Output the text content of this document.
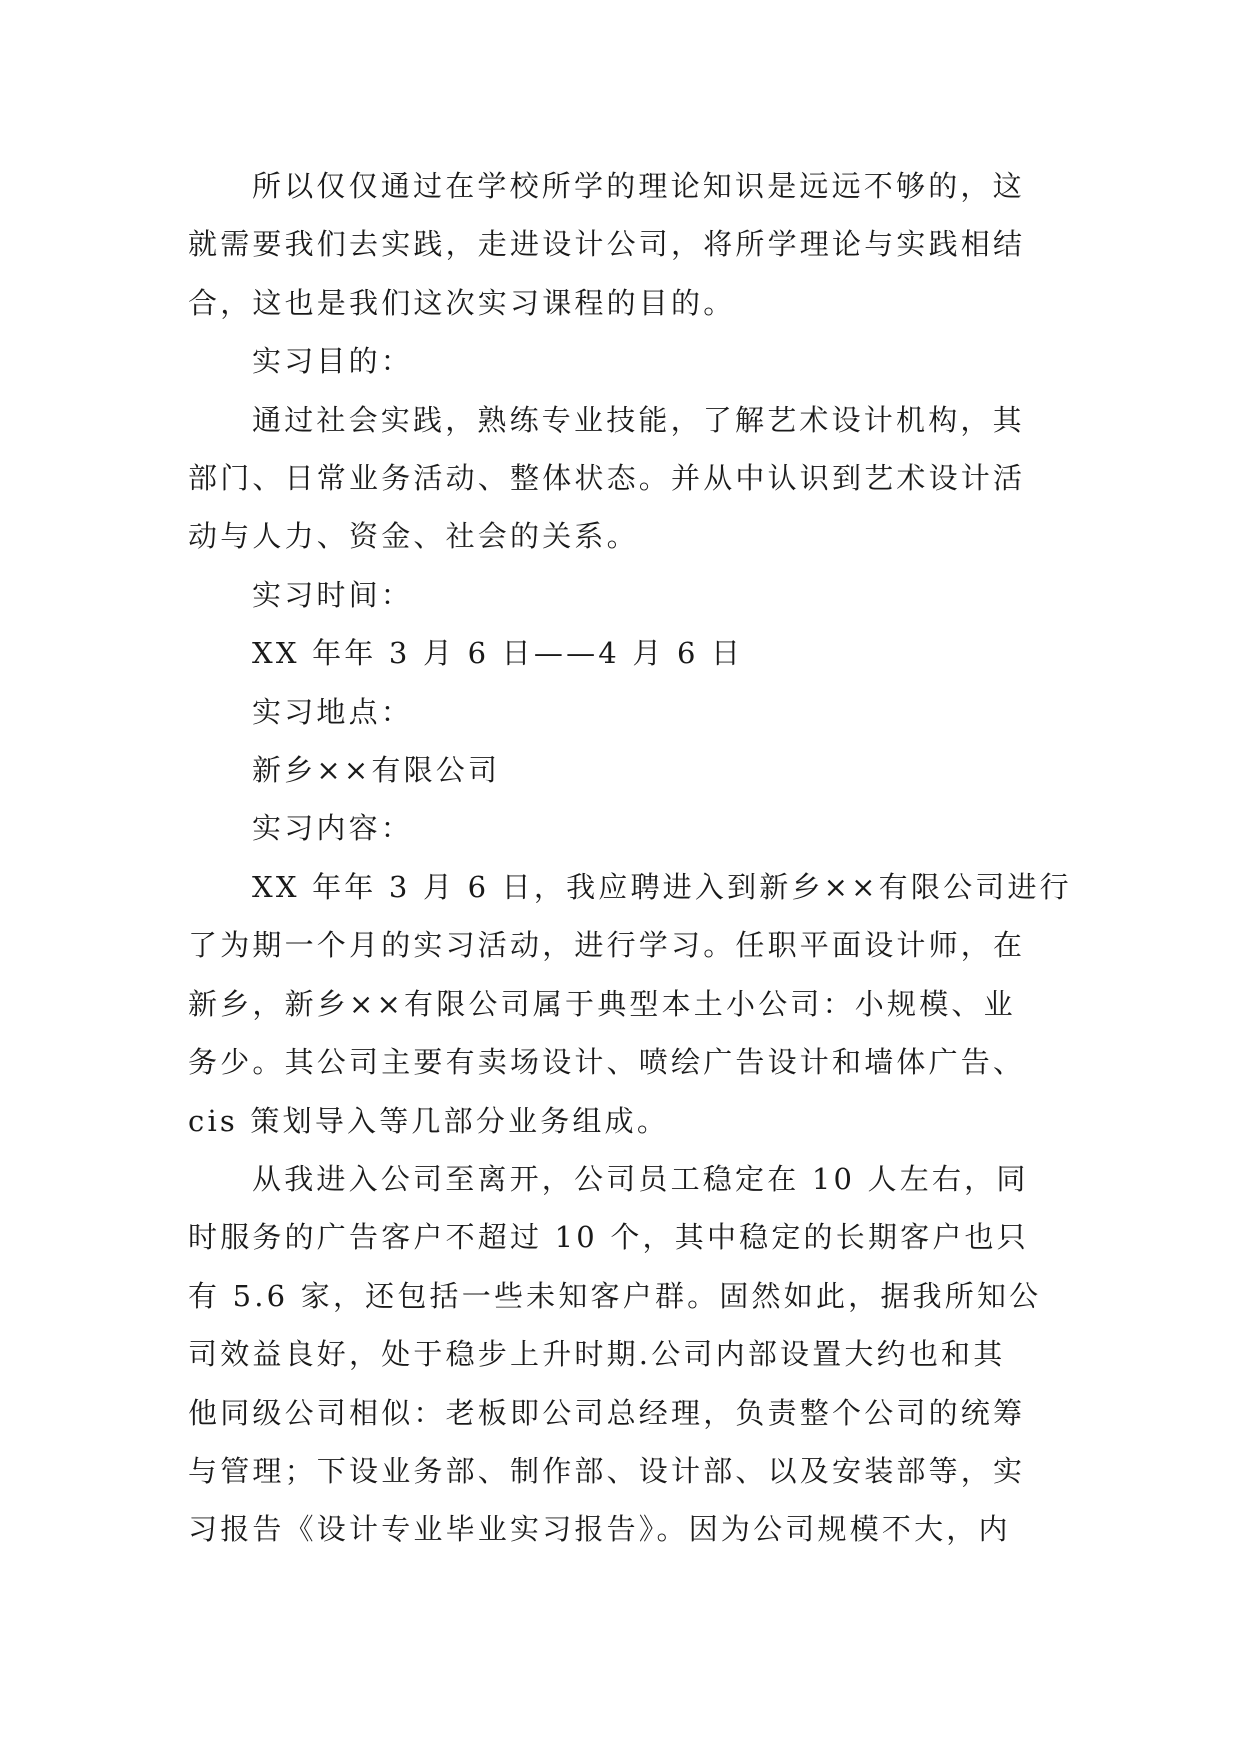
所以仅仅通过在学校所学的理论知识是远远不够的，这
就需要我们去实践，走进设计公司，将所学理论与实践相结
合，这也是我们这次实习课程的目的。
实习目的：
通过社会实践，熟练专业技能，了解艺术设计机构，其
部门、日常业务活动、整体状态。并从中认识到艺术设计活
动与人力、资金、社会的关系。
实习时间：
XX 年年 3 月 6 日——4 月 6 日
实习地点：
新乡××有限公司
实习内容：
XX 年年 3 月 6 日，我应聘进入到新乡××有限公司进行
了为期一个月的实习活动，进行学习。任职平面设计师，在
新乡，新乡××有限公司属于典型本土小公司：小规模、业
务少。其公司主要有卖场设计、喷绘广告设计和墙体广告、
cis 策划导入等几部分业务组成。
从我进入公司至离开，公司员工稳定在 10 人左右，同
时服务的广告客户不超过 10 个，其中稳定的长期客户也只
有 5.6 家，还包括一些未知客户群。固然如此，据我所知公
司效益良好，处于稳步上升时期.公司内部设置大约也和其
他同级公司相似：老板即公司总经理，负责整个公司的统筹
与管理；下设业务部、制作部、设计部、以及安装部等，实
习报告《设计专业毕业实习报告》。因为公司规模不大，内
